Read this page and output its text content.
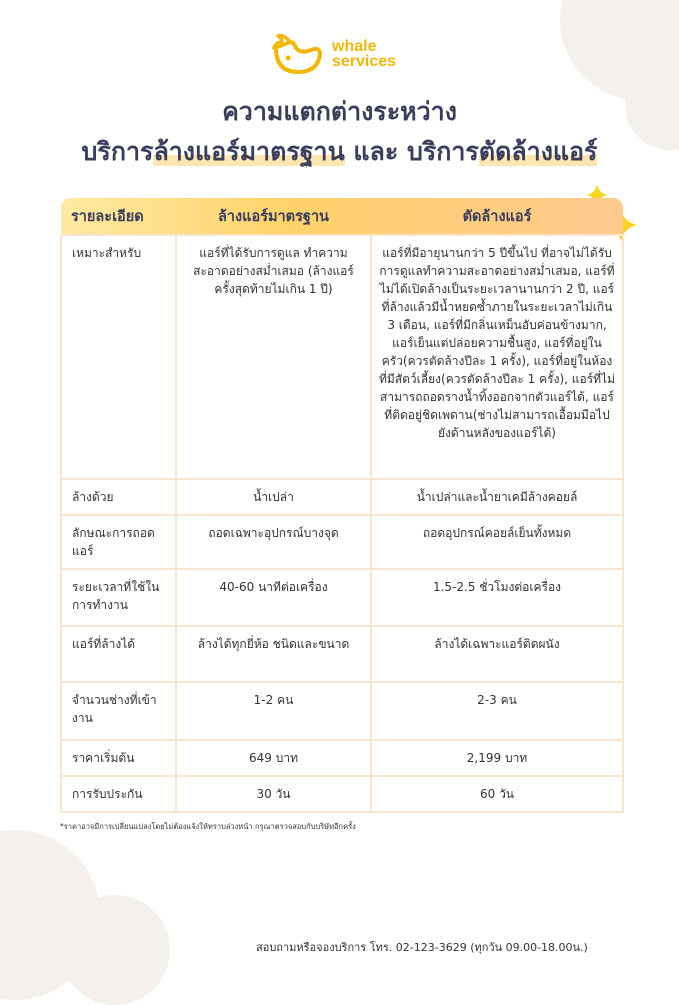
whale
services
ความแตกต่างระหว่าง
บริการล้างแอร์มาตรฐาน และ บริการตัดล้างแอร์
รายละเอียด	ล้างแอร์มาตรฐาน	ตัดล้างแอร์
เหมาะสำหรับ	แอร์ที่ได้รับการดูแล ทำความสะอาดอย่างสม่ำเสมอ (ล้างแอร์ครั้งสุดท้ายไม่เกิน 1 ปี)	แอร์ที่มีอายุนานกว่า 5 ปีขึ้นไป ที่อาจไม่ได้รับการดูแลทำความสะอาดอย่างสม่ำเสมอ, แอร์ที่ไม่ได้เปิดล้างเป็นระยะเวลานานกว่า 2 ปี, แอร์ที่ล้างแล้วมีน้ำหยดซ้ำภายในระยะเวลาไม่เกิน 3 เดือน, แอร์ที่มีกลิ่นเหม็นอับค่อนข้างมาก, แอร์เย็นแต่ปล่อยความชื้นสูง, แอร์ที่อยู่ในครัว(ควรตัดล้างปีละ 1 ครั้ง), แอร์ที่อยู่ในห้องที่มีสัตว์เลี้ยง(ควรตัดล้างปีละ 1 ครั้ง), แอร์ที่ไม่สามารถถอดรางน้ำทิ้งออกจากตัวแอร์ได้, แอร์ที่ติดอยู่ชิดเพดาน(ช่างไม่สามารถเอื้อมมือไปยังด้านหลังของแอร์ได้)
ล้างด้วย	น้ำเปล่า	น้ำเปล่าและน้ำยาเคมีล้างคอยล์
ลักษณะการถอดแอร์	ถอดเฉพาะอุปกรณ์บางจุด	ถอดอุปกรณ์คอยล์เย็นทั้งหมด
ระยะเวลาที่ใช้ในการทำงาน	40-60 นาทีต่อเครื่อง	1.5-2.5 ชั่วโมงต่อเครื่อง
แอร์ที่ล้างได้	ล้างได้ทุกยี่ห้อ ชนิดและขนาด	ล้างได้เฉพาะแอร์ติดผนัง
จำนวนช่างที่เข้างาน	1-2 คน	2-3 คน
ราคาเริ่มต้น	649 บาท	2,199 บาท
การรับประกัน	30 วัน	60 วัน
*ราคาอาจมีการเปลี่ยนแปลงโดยไม่ต้องแจ้งให้ทราบล่วงหน้า กรุณาตรวจสอบกับบริษัทอีกครั้ง
สอบถามหรือจองบริการ โทร. 02-123-3629 (ทุกวัน 09.00-18.00น.)
